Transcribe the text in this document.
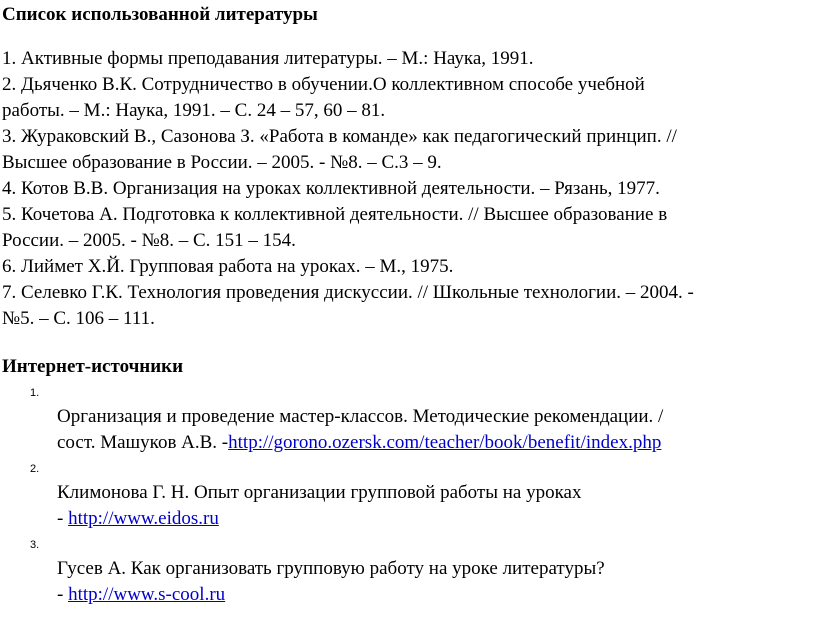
Список использованной литературы
1. Активные формы преподавания литературы. – М.: Наука, 1991.
2. Дьяченко В.К. Сотрудничество в обучении.О коллективном способе учебной
работы. – М.: Наука, 1991. – С. 24 – 57, 60 – 81.
3. Жураковский В., Сазонова З. «Работа в команде» как педагогический принцип. //
Высшее образование в России. – 2005. - №8. – С.3 – 9.
4. Котов В.В. Организация на уроках коллективной деятельности. – Рязань, 1977.
5. Кочетова А. Подготовка к коллективной деятельности. // Высшее образование в
России. – 2005. - №8. – С. 151 – 154.
6. Лиймет Х.Й. Групповая работа на уроках. – М., 1975.
7. Селевко Г.К. Технология проведения дискуссии. // Школьные технологии. – 2004. -
№5. – С. 106 – 111.
Интернет-источники
1.
Организация и проведение мастер-классов. Методические рекомендации. /
сост. Машуков А.В. -http://gorono.ozersk.com/teacher/book/benefit/index.php
2.
Климонова Г. Н. Опыт организации групповой работы на уроках
- http://www.eidos.ru
3.
Гусев А. Как организовать групповую работу на уроке литературы?
- http://www.s-cool.ru
